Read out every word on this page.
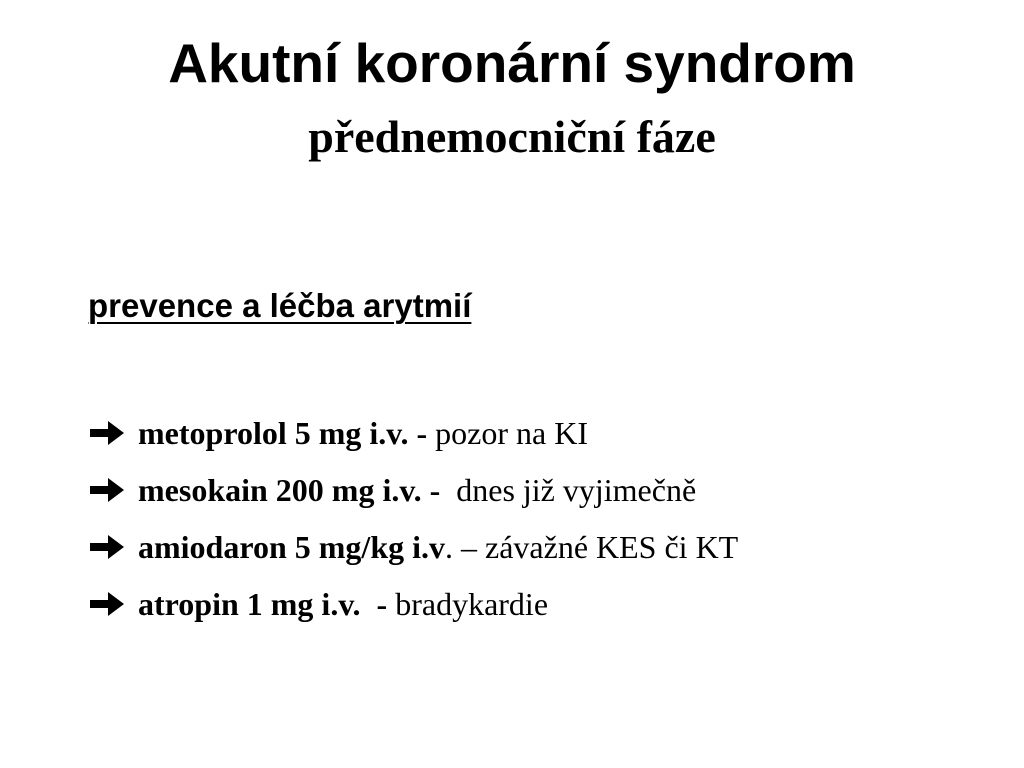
Akutní koronární syndrom
přednemocniční fáze
prevence a léčba arytmií
metoprolol 5 mg i.v. - pozor na KI
mesokain 200 mg i.v. - dnes již vyjimečně
amiodaron 5 mg/kg i.v . – závažné KES či KT
atropin 1 mg i.v.  - bradykardie
